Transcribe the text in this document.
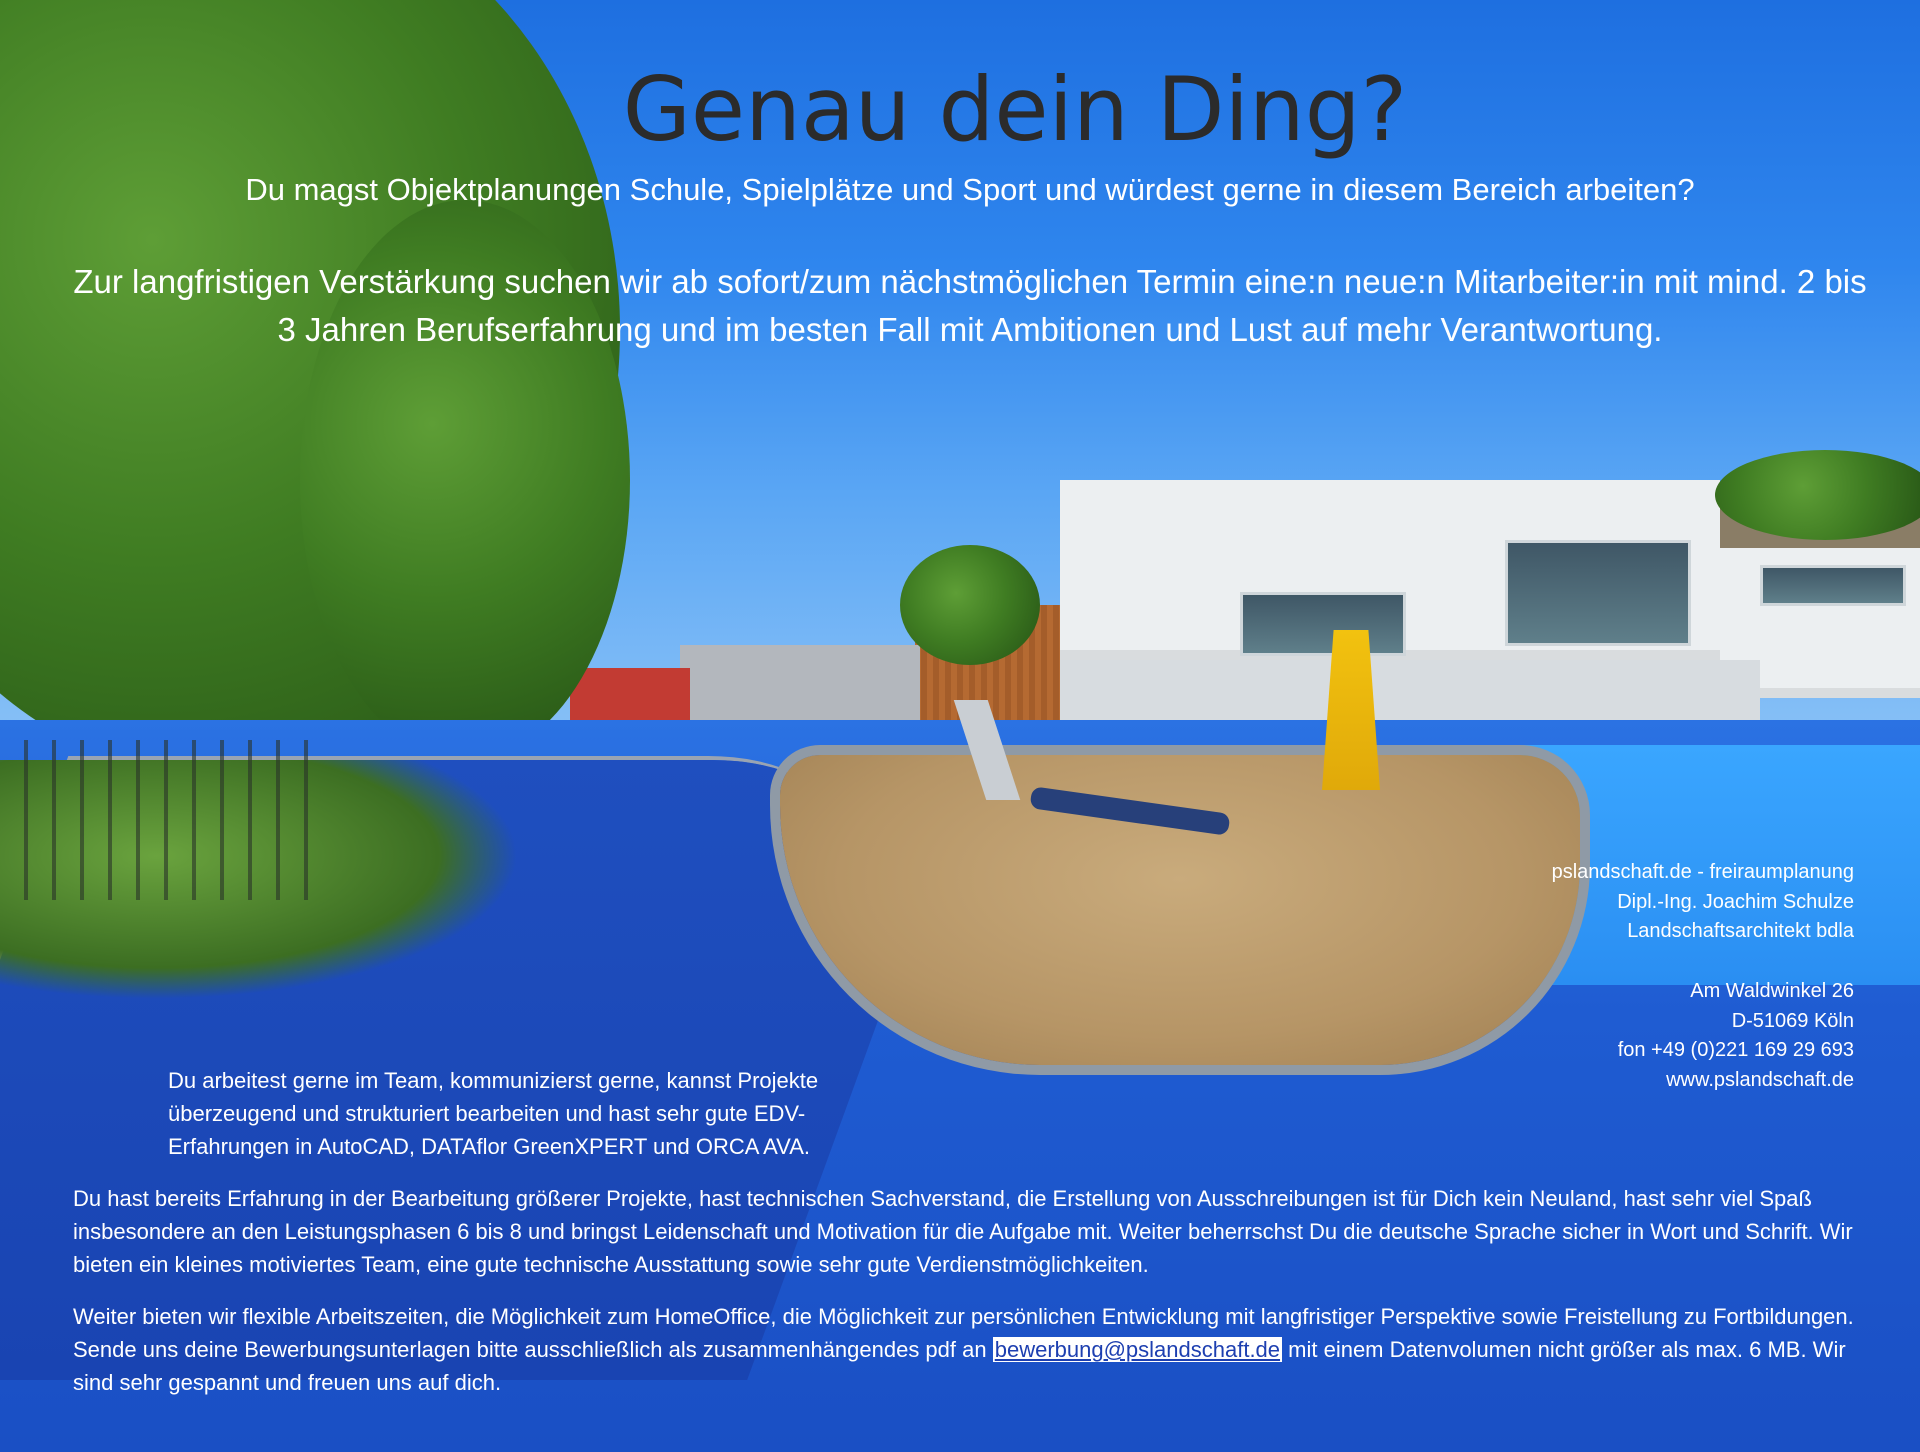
Genau dein Ding?

Du magst Objektplanungen Schule, Spielplätze und Sport und würdest gerne in diesem Bereich arbeiten?

Zur langfristigen Verstärkung suchen wir ab sofort/zum nächstmöglichen Termin eine:n neue:n Mitarbeiter:in mit mind. 2 bis 3 Jahren Berufserfahrung und im besten Fall mit Ambitionen und Lust auf mehr Verantwortung.

pslandschaft.de - freiraumplanung
Dipl.-Ing. Joachim Schulze
Landschaftsarchitekt bdla
Am Waldwinkel 26
D-51069 Köln
fon +49 (0)221 169 29 693
www.pslandschaft.de

Du arbeitest gerne im Team, kommunizierst gerne, kannst Projekte überzeugend und strukturiert bearbeiten und hast sehr gute EDV-Erfahrungen in AutoCAD, DATAflor GreenXPERT und ORCA AVA.

Du hast bereits Erfahrung in der Bearbeitung größerer Projekte, hast technischen Sachverstand, die Erstellung von Ausschreibungen ist für Dich kein Neuland, hast sehr viel Spaß insbesondere an den Leistungsphasen 6 bis 8 und bringst Leidenschaft und Motivation für die Aufgabe mit. Weiter beherrschst Du die deutsche Sprache sicher in Wort und Schrift. Wir bieten ein kleines motiviertes Team, eine gute technische Ausstattung sowie sehr gute Verdienstmöglichkeiten.

Weiter bieten wir flexible Arbeitszeiten, die Möglichkeit zum HomeOffice, die Möglichkeit zur persönlichen Entwicklung mit langfristiger Perspektive sowie Freistellung zu Fortbildungen. Sende uns deine Bewerbungsunterlagen bitte ausschließlich als zusammenhängendes pdf an bewerbung@pslandschaft.de mit einem Datenvolumen nicht größer als max. 6 MB. Wir sind sehr gespannt und freuen uns auf dich.
